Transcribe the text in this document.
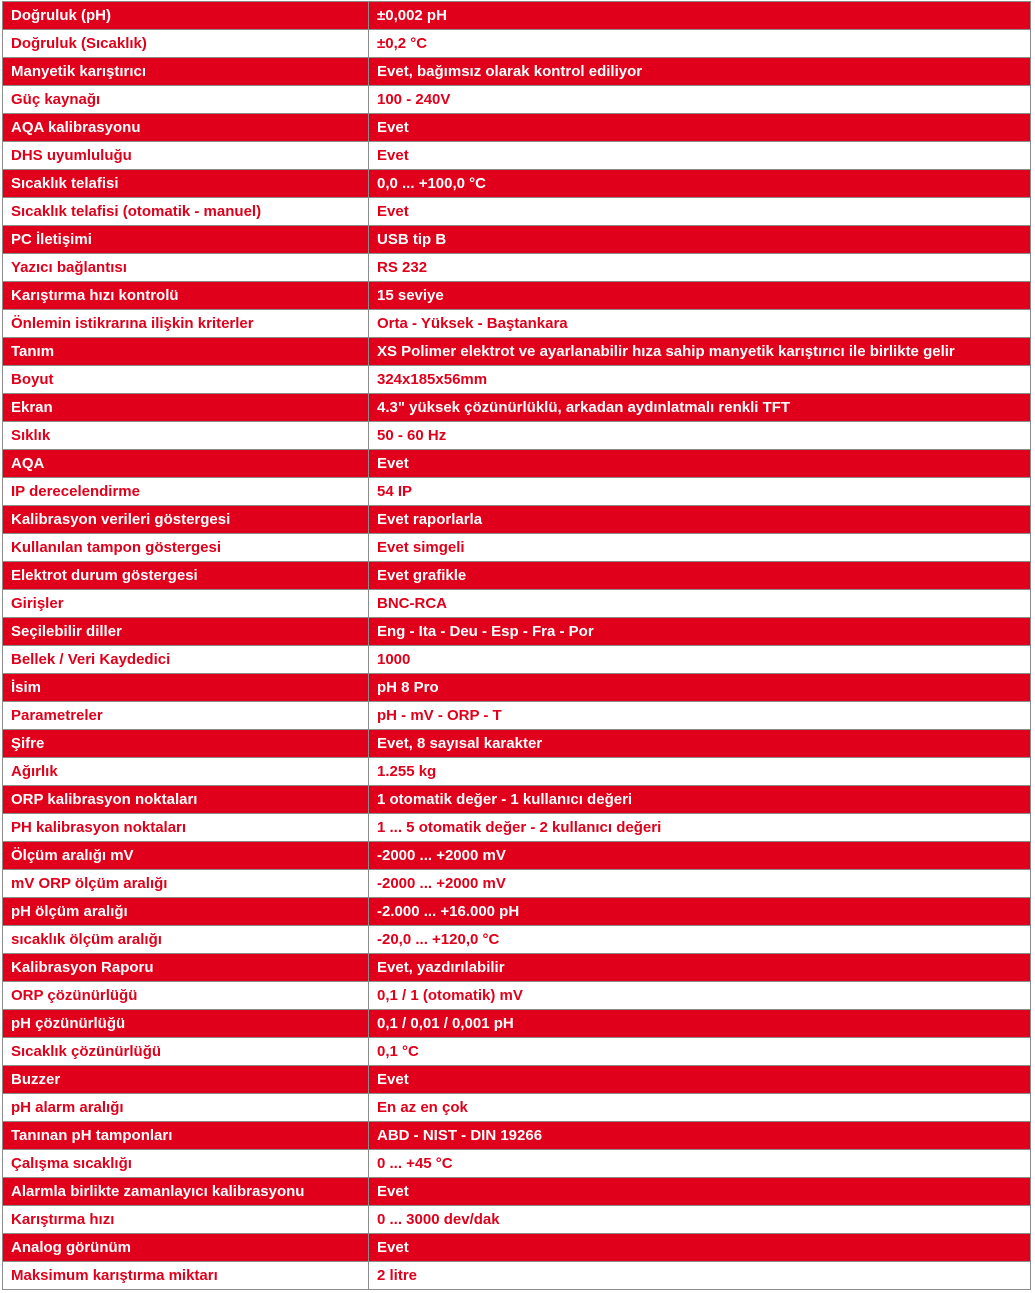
Doğruluk (pH)	±0,002 pH
Doğruluk (Sıcaklık)	±0,2 °C
Manyetik karıştırıcı	Evet, bağımsız olarak kontrol ediliyor
Güç kaynağı	100 - 240V
AQA kalibrasyonu	Evet
DHS uyumluluğu	Evet
Sıcaklık telafisi	0,0 ... +100,0 °C
Sıcaklık telafisi (otomatik - manuel)	Evet
PC İletişimi	USB tip B
Yazıcı bağlantısı	RS 232
Karıştırma hızı kontrolü	15 seviye
Önlemin istikrarına ilişkin kriterler	Orta - Yüksek - Baştankara
Tanım	XS Polimer elektrot ve ayarlanabilir hıza sahip manyetik karıştırıcı ile birlikte gelir
Boyut	324x185x56mm
Ekran	4.3" yüksek çözünürlüklü, arkadan aydınlatmalı renkli TFT
Sıklık	50 - 60 Hz
AQA	Evet
IP derecelendirme	54 IP
Kalibrasyon verileri göstergesi	Evet raporlarla
Kullanılan tampon göstergesi	Evet simgeli
Elektrot durum göstergesi	Evet grafikle
Girişler	BNC-RCA
Seçilebilir diller	Eng - Ita - Deu - Esp - Fra - Por
Bellek / Veri Kaydedici	1000
İsim	pH 8 Pro
Parametreler	pH - mV - ORP - T
Şifre	Evet, 8 sayısal karakter
Ağırlık	1.255 kg
ORP kalibrasyon noktaları	1 otomatik değer - 1 kullanıcı değeri
PH kalibrasyon noktaları	1 ... 5 otomatik değer - 2 kullanıcı değeri
Ölçüm aralığı mV	-2000 ... +2000 mV
mV ORP ölçüm aralığı	-2000 ... +2000 mV
pH ölçüm aralığı	-2.000 ... +16.000 pH
sıcaklık ölçüm aralığı	-20,0 ... +120,0 °C
Kalibrasyon Raporu	Evet, yazdırılabilir
ORP çözünürlüğü	0,1 / 1 (otomatik) mV
pH çözünürlüğü	0,1 / 0,01 / 0,001 pH
Sıcaklık çözünürlüğü	0,1 °C
Buzzer	Evet
pH alarm aralığı	En az en çok
Tanınan pH tamponları	ABD - NIST - DIN 19266
Çalışma sıcaklığı	0 ... +45 °C
Alarmla birlikte zamanlayıcı kalibrasyonu	Evet
Karıştırma hızı	0 ... 3000 dev/dak
Analog görünüm	Evet
Maksimum karıştırma miktarı	2 litre
